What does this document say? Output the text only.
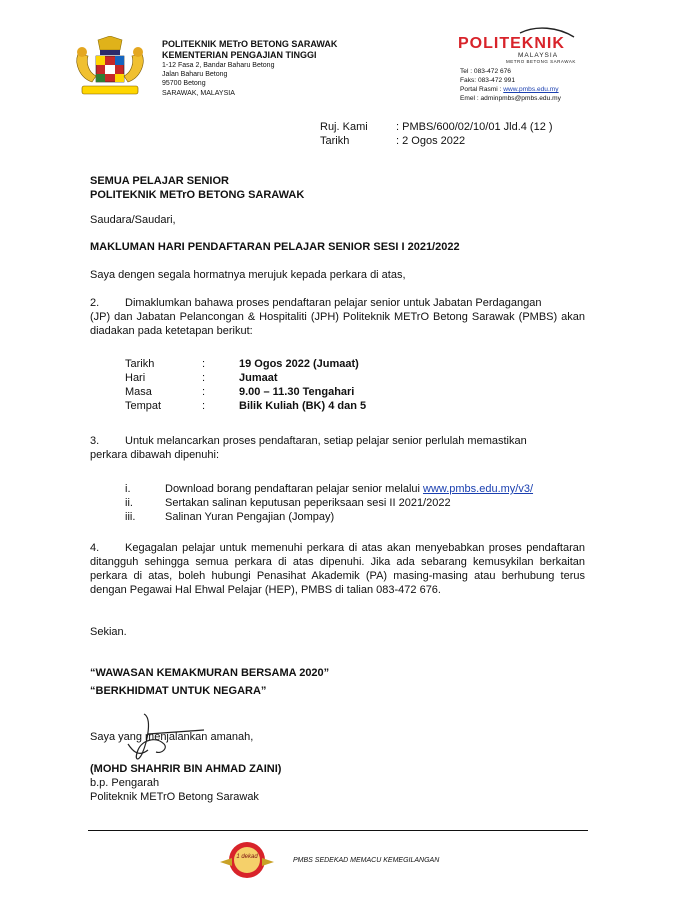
POLITEKNIK METrO BETONG SARAWAK
KEMENTERIAN PENGAJIAN TINGGI
1-12 Fasa 2, Bandar Baharu Betong
Jalan Baharu Betong
95700 Betong
SARAWAK, MALAYSIA
POLITEKNIK
MALAYSIA
METRO BETONG SARAWAK
Tel : 083-472 676
Faks: 083-472 991
Portal Rasmi : www.pmbs.edu.my
Emel : adminpmbs@pmbs.edu.my
Ruj. Kami	: PMBS/600/02/10/01 Jld.4 (12 )
Tarikh	: 2 Ogos 2022
SEMUA PELAJAR SENIOR
POLITEKNIK METrO BETONG SARAWAK
Saudara/Saudari,
MAKLUMAN HARI PENDAFTARAN PELAJAR SENIOR SESI I 2021/2022
Saya dengen segala hormatnya merujuk kepada perkara di atas,
2.	Dimaklumkan bahawa proses pendaftaran pelajar senior untuk Jabatan Perdagangan
(JP) dan Jabatan Pelancongan & Hospitaliti (JPH) Politeknik METrO Betong Sarawak (PMBS) akan diadakan pada ketetapan berikut:
Tarikh	:	19 Ogos 2022 (Jumaat)
Hari	:	Jumaat
Masa	:	9.00 – 11.30 Tengahari
Tempat	:	Bilik Kuliah (BK) 4 dan 5
3.	Untuk melancarkan proses pendaftaran, setiap pelajar senior perlulah memastikan
perkara dibawah dipenuhi:
i.	Download borang pendaftaran pelajar senior melalui www.pmbs.edu.my/v3/
ii.	Sertakan salinan keputusan peperiksaan sesi II 2021/2022
iii.	Salinan Yuran Pengajian (Jompay)
4. Kegagalan pelajar untuk memenuhi perkara di atas akan menyebabkan proses pendaftaran ditangguh sehingga semua perkara di atas dipenuhi. Jika ada sebarang kemusykilan berkaitan perkara di atas, boleh hubungi Penasihat Akademik (PA) masing-masing atau berhubung terus dengan Pegawai Hal Ehwal Pelajar (HEP), PMBS di talian 083-472 676.
Sekian.
“WAWASAN KEMAKMURAN BERSAMA 2020”
“BERKHIDMAT UNTUK NEGARA”
Saya yang menjalankan amanah,
(MOHD SHAHRIR BIN AHMAD ZAINI)
b.p. Pengarah
Politeknik METrO Betong Sarawak
1 dekad	PMBS SEDEKAD MEMACU KEMEGILANGAN
